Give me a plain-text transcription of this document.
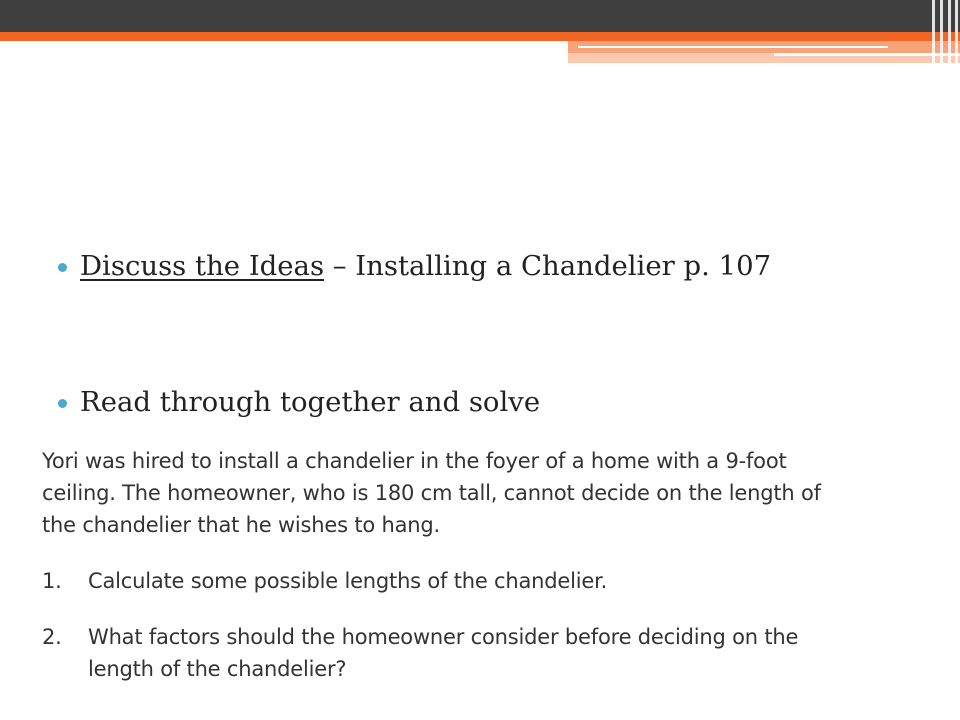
Discuss the Ideas – Installing a Chandelier p. 107
Read through together and solve

Yori was hired to install a chandelier in the foyer of a home with a 9-foot

ceiling. The homeowner, who is 180 cm tall, cannot decide on the length of

the chandelier that he wishes to hang.

1. Calculate some possible lengths of the chandelier.
2. What factors should the homeowner consider before deciding on the
length of the chandelier?
